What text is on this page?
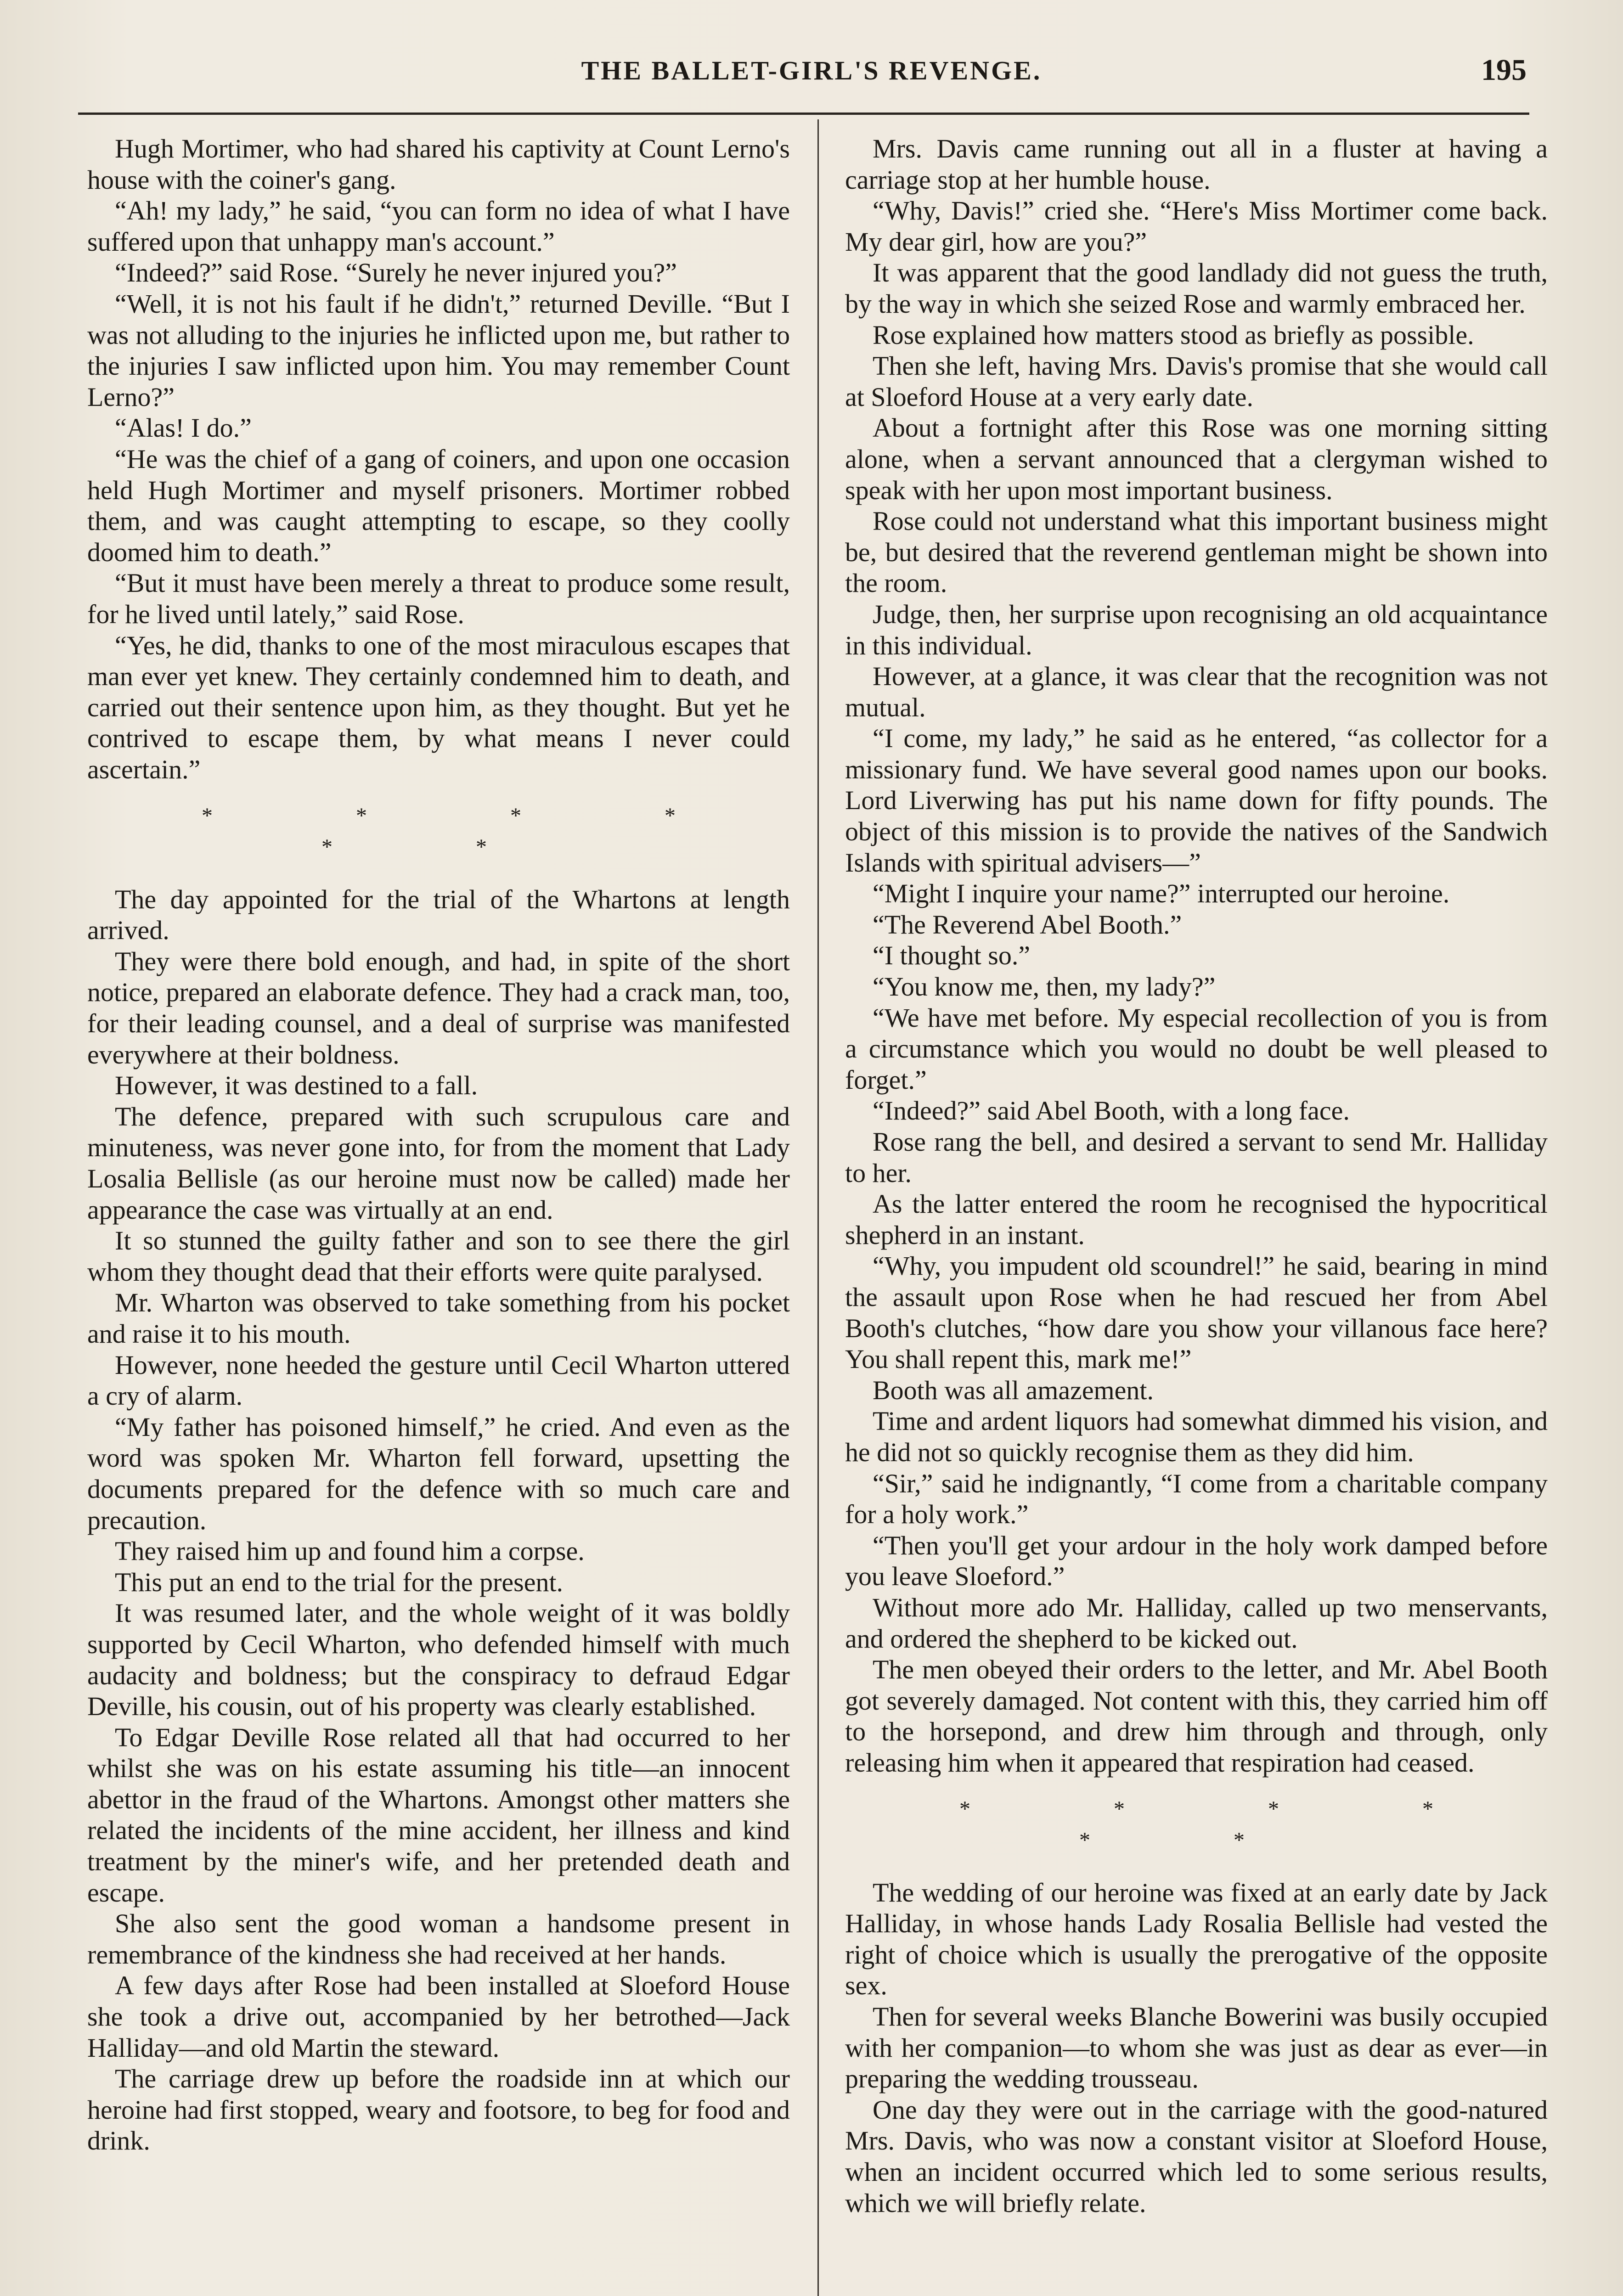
THE BALLET-GIRL'S REVENGE.	195

Hugh Mortimer, who had shared his captivity at Count Lerno's house with the coiner's gang.

“Ah! my lady,” he said, “you can form no idea of what I have suffered upon that unhappy man's account.”

“Indeed?” said Rose. “Surely he never injured you?”

“Well, it is not his fault if he didn't,” returned Deville. “But I was not alluding to the injuries he inflicted upon me, but rather to the injuries I saw inflicted upon him. You may remember Count Lerno?”

“Alas! I do.”

“He was the chief of a gang of coiners, and upon one occasion held Hugh Mortimer and myself prisoners. Mortimer robbed them, and was caught attempting to escape, so they coolly doomed him to death.”

“But it must have been merely a threat to produce some result, for he lived until lately,” said Rose.

“Yes, he did, thanks to one of the most miraculous escapes that man ever yet knew. They certainly condemned him to death, and carried out their sentence upon him, as they thought. But yet he contrived to escape them, by what means I never could ascertain.”

* * * * * *

The day appointed for the trial of the Whartons at length arrived.

They were there bold enough, and had, in spite of the short notice, prepared an elaborate defence. They had a crack man, too, for their leading counsel, and a deal of surprise was manifested everywhere at their boldness.

However, it was destined to a fall.

The defence, prepared with such scrupulous care and minuteness, was never gone into, for from the moment that Lady Losalia Bellisle (as our heroine must now be called) made her appearance the case was virtually at an end.

It so stunned the guilty father and son to see there the girl whom they thought dead that their efforts were quite paralysed.

Mr. Wharton was observed to take something from his pocket and raise it to his mouth.

However, none heeded the gesture until Cecil Wharton uttered a cry of alarm.

“My father has poisoned himself,” he cried. And even as the word was spoken Mr. Wharton fell forward, upsetting the documents prepared for the defence with so much care and precaution.

They raised him up and found him a corpse.

This put an end to the trial for the present.

It was resumed later, and the whole weight of it was boldly supported by Cecil Wharton, who defended himself with much audacity and boldness; but the conspiracy to defraud Edgar Deville, his cousin, out of his property was clearly established.

To Edgar Deville Rose related all that had occurred to her whilst she was on his estate assuming his title—an innocent abettor in the fraud of the Whartons. Amongst other matters she related the incidents of the mine accident, her illness and kind treatment by the miner's wife, and her pretended death and escape.

She also sent the good woman a handsome present in remembrance of the kindness she had received at her hands.

A few days after Rose had been installed at Sloeford House she took a drive out, accompanied by her betrothed—Jack Halliday—and old Martin the steward.

The carriage drew up before the roadside inn at which our heroine had first stopped, weary and footsore, to beg for food and drink.

Mrs. Davis came running out all in a fluster at having a carriage stop at her humble house.

“Why, Davis!” cried she. “Here's Miss Mortimer come back. My dear girl, how are you?”

It was apparent that the good landlady did not guess the truth, by the way in which she seized Rose and warmly embraced her.

Rose explained how matters stood as briefly as possible.

Then she left, having Mrs. Davis's promise that she would call at Sloeford House at a very early date.

About a fortnight after this Rose was one morning sitting alone, when a servant announced that a clergyman wished to speak with her upon most important business.

Rose could not understand what this important business might be, but desired that the reverend gentleman might be shown into the room.

Judge, then, her surprise upon recognising an old acquaintance in this individual.

However, at a glance, it was clear that the recognition was not mutual.

“I come, my lady,” he said as he entered, “as collector for a missionary fund. We have several good names upon our books. Lord Liverwing has put his name down for fifty pounds. The object of this mission is to provide the natives of the Sandwich Islands with spiritual advisers—”

“Might I inquire your name?” interrupted our heroine.

“The Reverend Abel Booth.”

“I thought so.”

“You know me, then, my lady?”

“We have met before. My especial recollection of you is from a circumstance which you would no doubt be well pleased to forget.”

“Indeed?” said Abel Booth, with a long face.

Rose rang the bell, and desired a servant to send Mr. Halliday to her.

As the latter entered the room he recognised the hypocritical shepherd in an instant.

“Why, you impudent old scoundrel!” he said, bearing in mind the assault upon Rose when he had rescued her from Abel Booth's clutches, “how dare you show your villanous face here? You shall repent this, mark me!”

Booth was all amazement.

Time and ardent liquors had somewhat dimmed his vision, and he did not so quickly recognise them as they did him.

“Sir,” said he indignantly, “I come from a charitable company for a holy work.”

“Then you'll get your ardour in the holy work damped before you leave Sloeford.”

Without more ado Mr. Halliday, called up two menservants, and ordered the shepherd to be kicked out.

The men obeyed their orders to the letter, and Mr. Abel Booth got severely damaged. Not content with this, they carried him off to the horsepond, and drew him through and through, only releasing him when it appeared that respiration had ceased.

* * * * * *

The wedding of our heroine was fixed at an early date by Jack Halliday, in whose hands Lady Rosalia Bellisle had vested the right of choice which is usually the prerogative of the opposite sex.

Then for several weeks Blanche Bowerini was busily occupied with her companion—to whom she was just as dear as ever—in preparing the wedding trousseau.

One day they were out in the carriage with the good-natured Mrs. Davis, who was now a constant visitor at Sloeford House, when an incident occurred which led to some serious results, which we will briefly relate.
